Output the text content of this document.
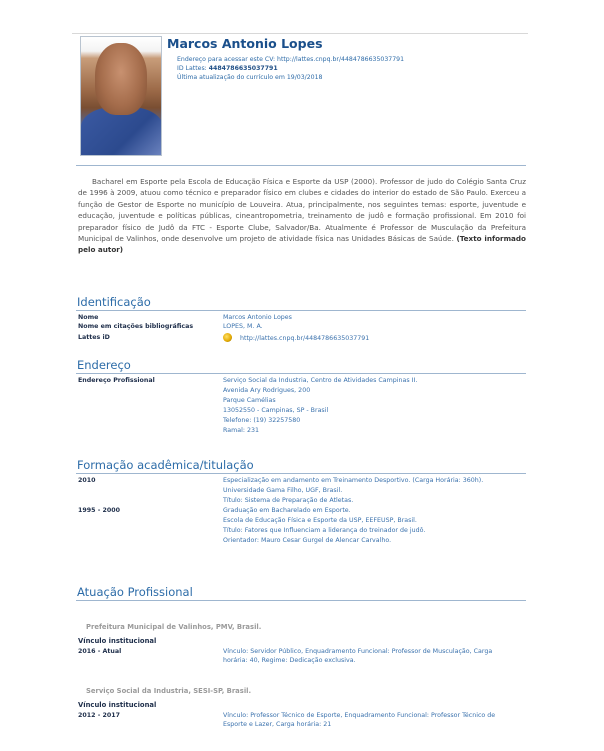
Marcos Antonio Lopes
Endereço para acessar este CV: http://lattes.cnpq.br/4484786635037791
ID Lattes: 4484786635037791
Última atualização do currículo em 19/03/2018
Bacharel em Esporte pela Escola de Educação Física e Esporte da USP (2000). Professor de judo do Colégio Santa Cruz de 1996 à 2009, atuou como técnico e preparador físico em clubes e cidades do interior do estado de São Paulo. Exerceu a função de Gestor de Esporte no município de Louveira. Atua, principalmente, nos seguintes temas: esporte, juventude e educação, juventude e políticas públicas, cineantropometria, treinamento de judô e formação profissional. Em 2010 foi preparador físico de Judô da FTC - Esporte Clube, Salvador/Ba. Atualmente é Professor de Musculação da Prefeitura Municipal de Valinhos, onde desenvolve um projeto de atividade física nas Unidades Básicas de Saúde. (Texto informado pelo autor)
Identificação
Nome	Marcos Antonio Lopes
Nome em citações bibliográficas	LOPES, M. A.
Lattes iD	http://lattes.cnpq.br/4484786635037791
Endereço
Endereço Profissional	Serviço Social da Industria, Centro de Atividades Campinas II.
Avenida Ary Rodrigues, 200
Parque Camélias
13052550 - Campinas, SP - Brasil
Telefone: (19) 32257580
Ramal: 231
Formação acadêmica/titulação
2010	Especialização em andamento em Treinamento Desportivo. (Carga Horária: 360h).
Universidade Gama Filho, UGF, Brasil.
Título: Sistema de Preparação de Atletas.
1995 - 2000	Graduação em Bacharelado em Esporte.
Escola de Educação Física e Esporte da USP, EEFEUSP, Brasil.
Título: Fatores que Influenciam a liderança do treinador de judô.
Orientador: Mauro Cesar Gurgel de Alencar Carvalho.
Atuação Profissional
Prefeitura Municipal de Valinhos, PMV, Brasil.
Vínculo institucional
2016 - Atual	Vínculo: Servidor Público, Enquadramento Funcional: Professor de Musculação, Carga horária: 40, Regime: Dedicação exclusiva.
Serviço Social da Industria, SESI-SP, Brasil.
Vínculo institucional
2012 - 2017	Vínculo: Professor Técnico de Esporte, Enquadramento Funcional: Professor Técnico de Esporte e Lazer, Carga horária: 21
